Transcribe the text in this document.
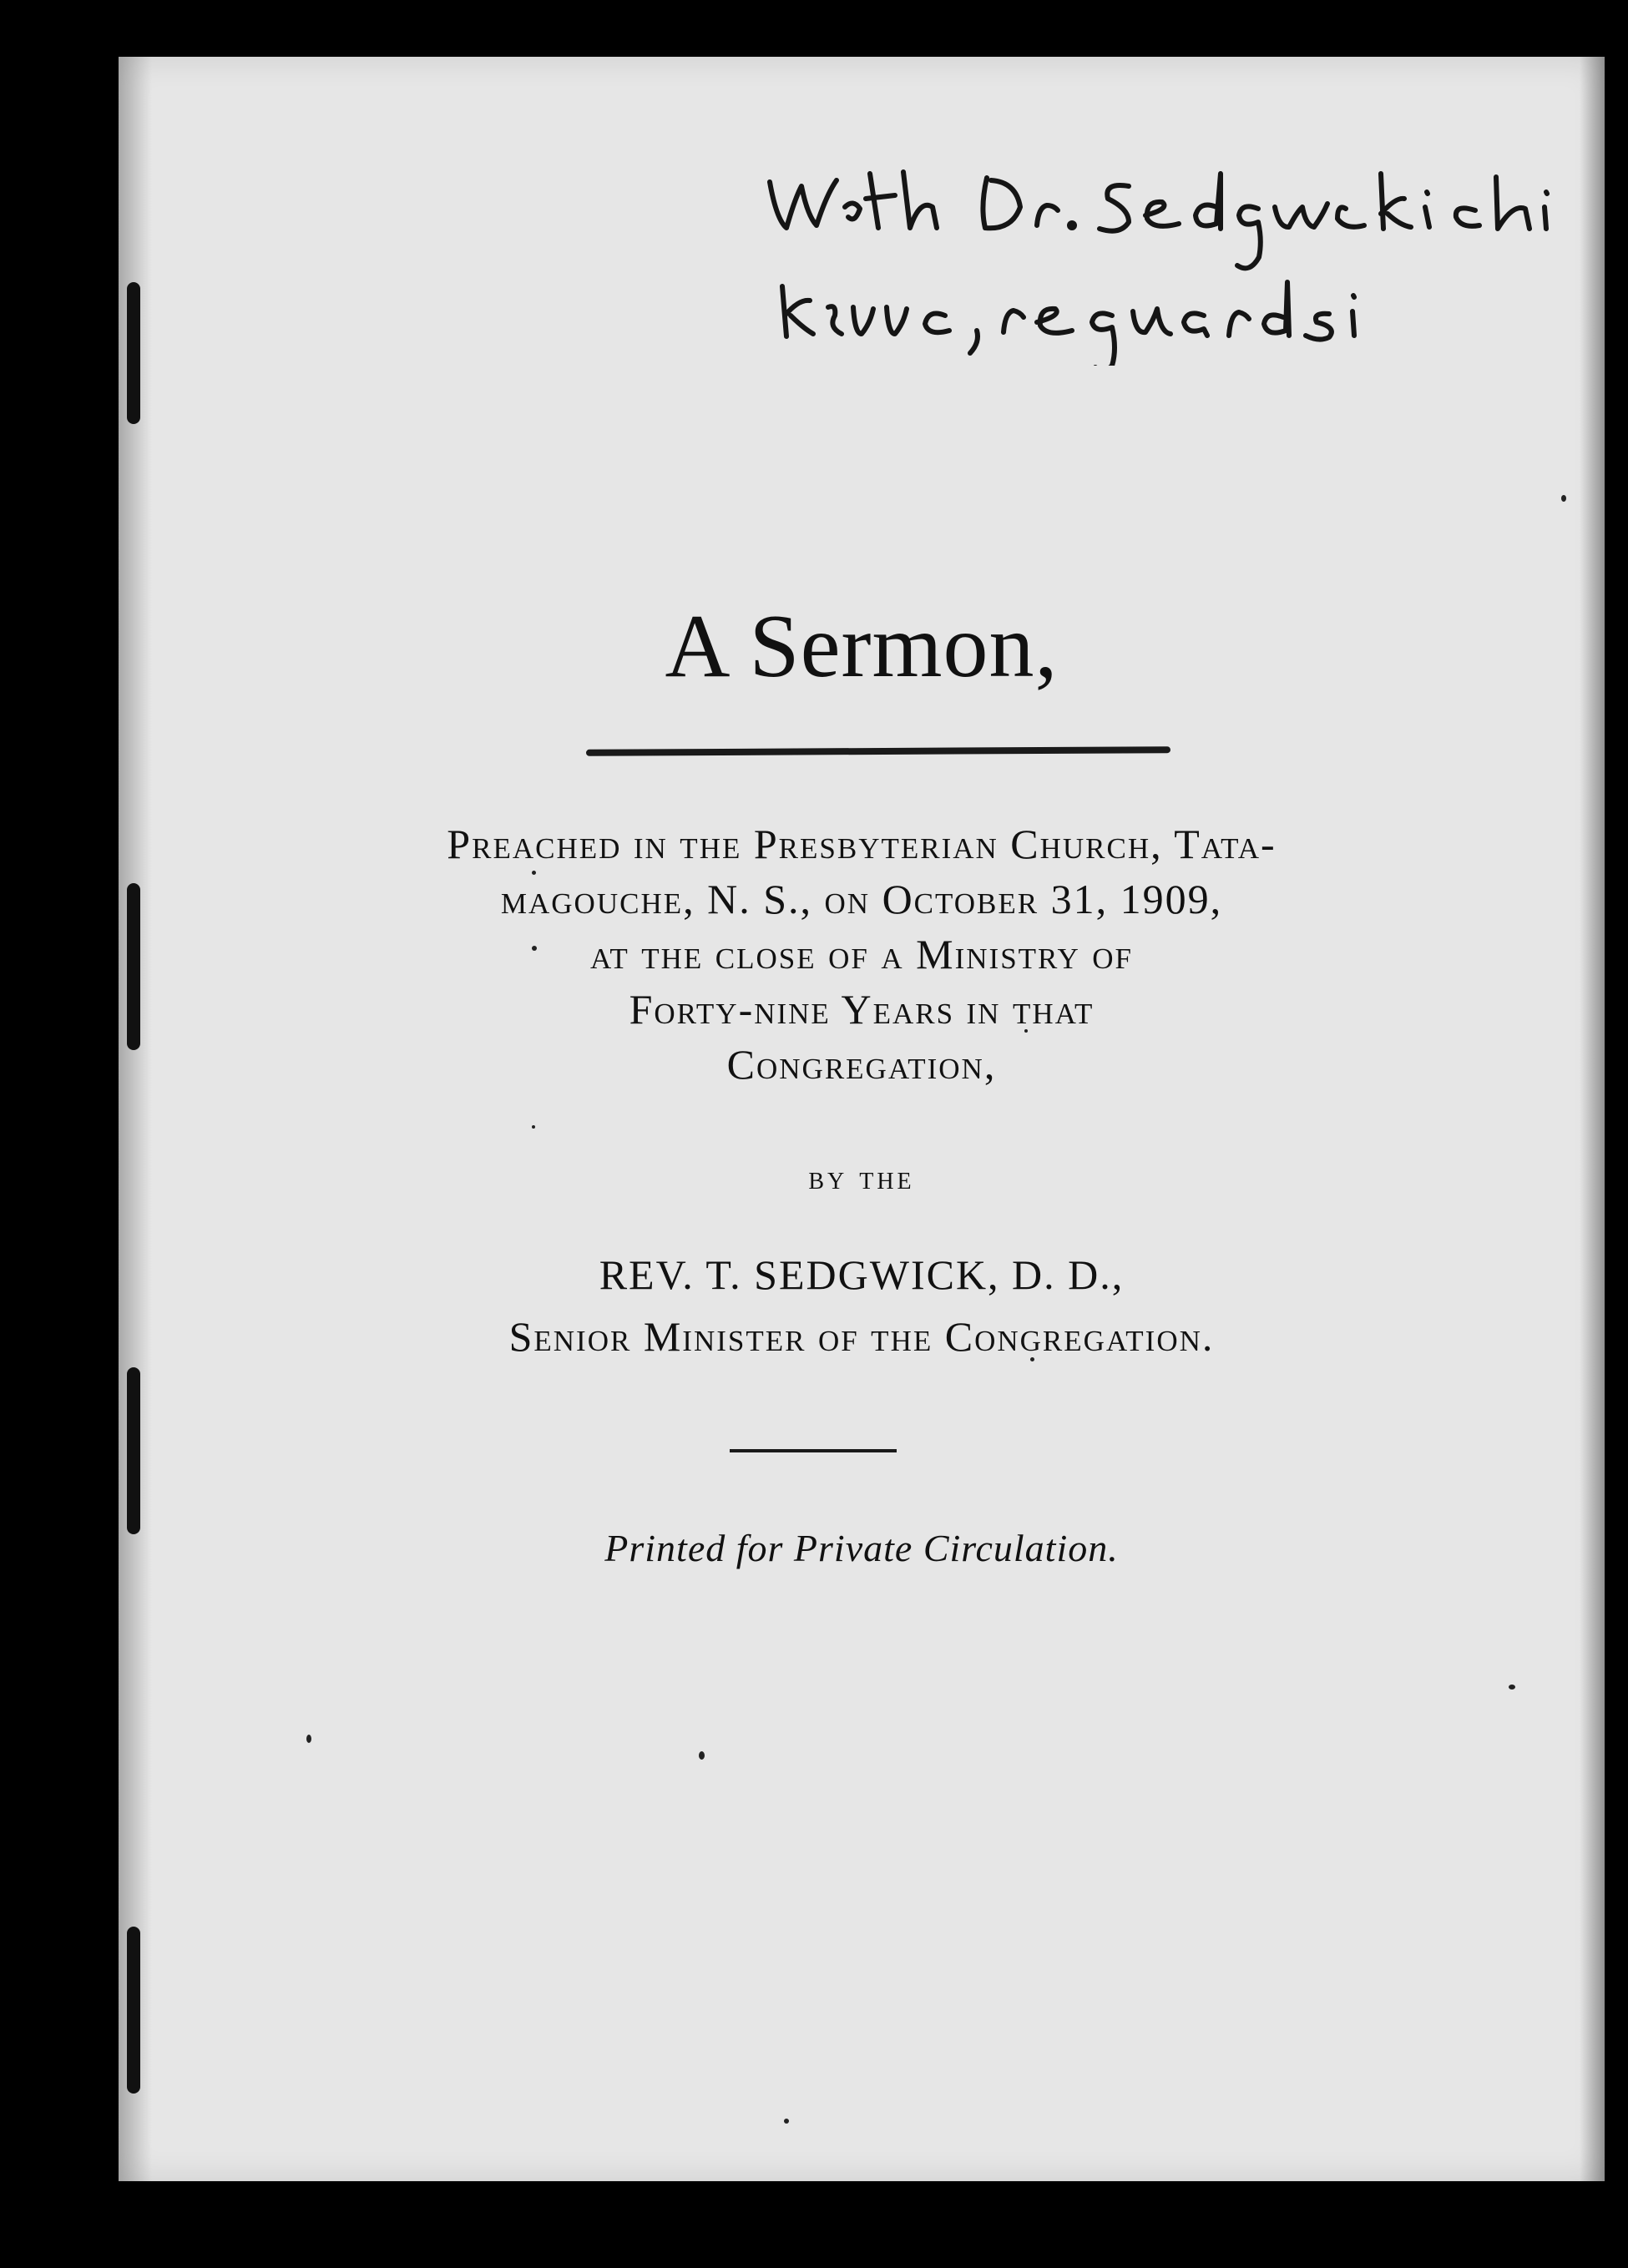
A Sermon,
Preached in the Presbyterian Church, Tata-
magouche, N. S., on October 31, 1909,
at the close of a Ministry of
Forty-nine Years in that
Congregation,
by the
REV. T. SEDGWICK, D. D.,
Senior Minister of the Congregation.
Printed for Private Circulation.
